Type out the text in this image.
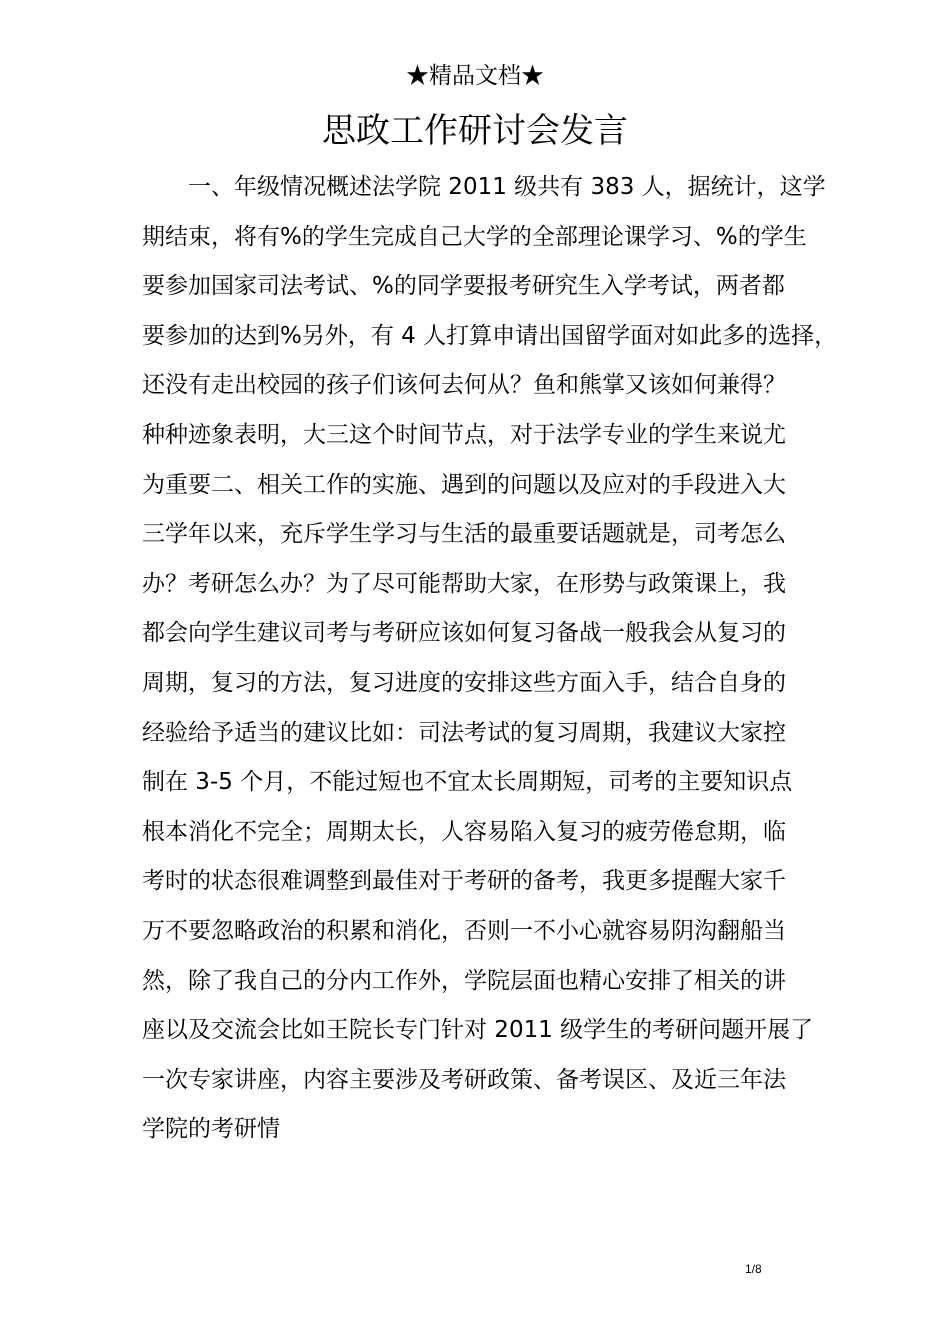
★精品文档★
思政工作研讨会发言
一、年级情况概述法学院 2011 级共有 383 人，据统计，这学
期结束，将有%的学生完成自己大学的全部理论课学习、%的学生
要参加国家司法考试、%的同学要报考研究生入学考试，两者都
要参加的达到%另外，有 4 人打算申请出国留学面对如此多的选择，
还没有走出校园的孩子们该何去何从？鱼和熊掌又该如何兼得？
种种迹象表明，大三这个时间节点，对于法学专业的学生来说尤
为重要二、相关工作的实施、遇到的问题以及应对的手段进入大
三学年以来，充斥学生学习与生活的最重要话题就是，司考怎么
办？考研怎么办？为了尽可能帮助大家，在形势与政策课上，我
都会向学生建议司考与考研应该如何复习备战一般我会从复习的
周期，复习的方法，复习进度的安排这些方面入手，结合自身的
经验给予适当的建议比如：司法考试的复习周期，我建议大家控
制在 3-5 个月，不能过短也不宜太长周期短，司考的主要知识点
根本消化不完全；周期太长，人容易陷入复习的疲劳倦怠期，临
考时的状态很难调整到最佳对于考研的备考，我更多提醒大家千
万不要忽略政治的积累和消化，否则一不小心就容易阴沟翻船当
然，除了我自己的分内工作外，学院层面也精心安排了相关的讲
座以及交流会比如王院长专门针对 2011 级学生的考研问题开展了
一次专家讲座，内容主要涉及考研政策、备考误区、及近三年法
学院的考研情
1/8
